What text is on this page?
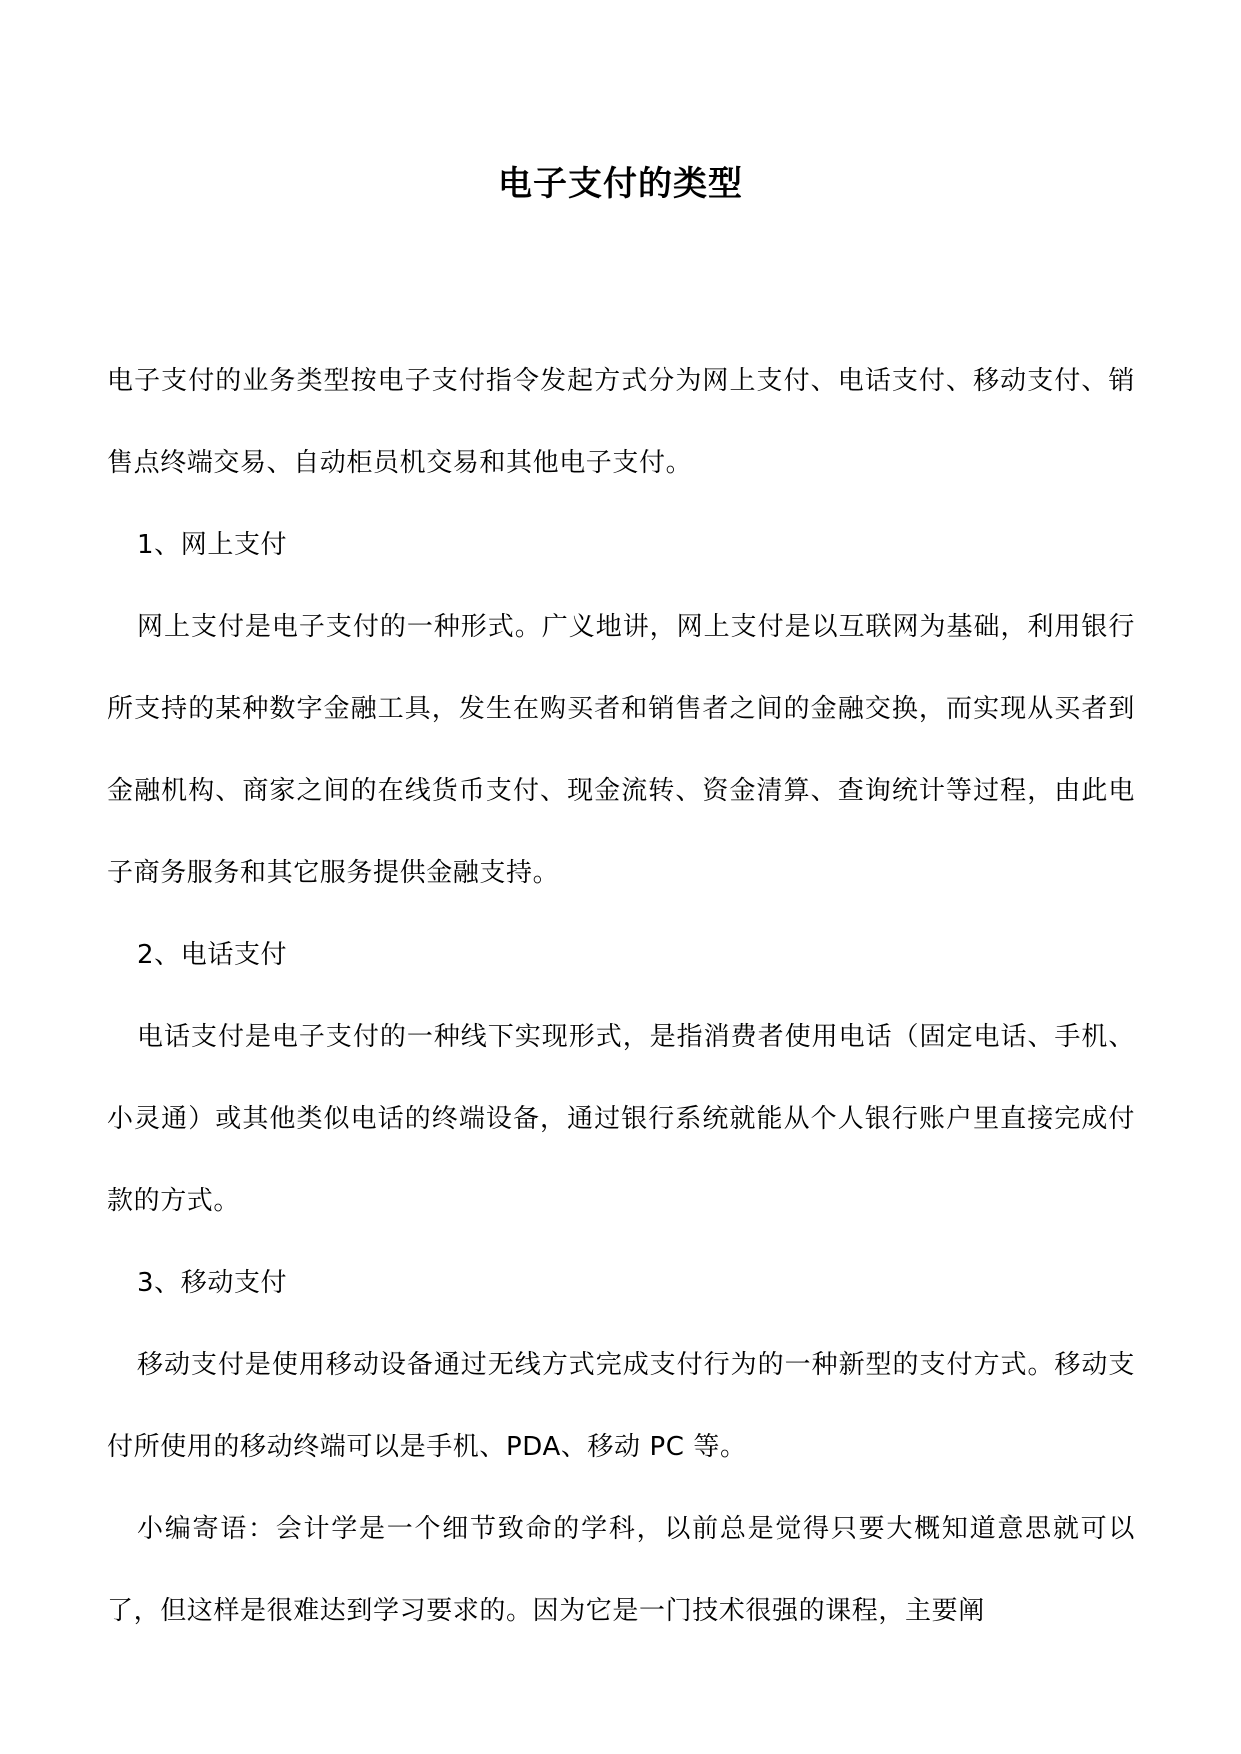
电子支付的类型

电子支付的业务类型按电子支付指令发起方式分为网上支付、电话支付、移动支付、销售点终端交易、自动柜员机交易和其他电子支付。

1、网上支付

网上支付是电子支付的一种形式。广义地讲，网上支付是以互联网为基础，利用银行所支持的某种数字金融工具，发生在购买者和销售者之间的金融交换，而实现从买者到金融机构、商家之间的在线货币支付、现金流转、资金清算、查询统计等过程，由此电子商务服务和其它服务提供金融支持。

2、电话支付

电话支付是电子支付的一种线下实现形式，是指消费者使用电话（固定电话、手机、小灵通）或其他类似电话的终端设备，通过银行系统就能从个人银行账户里直接完成付款的方式。

3、移动支付

移动支付是使用移动设备通过无线方式完成支付行为的一种新型的支付方式。移动支付所使用的移动终端可以是手机、PDA、移动 PC 等。

小编寄语：会计学是一个细节致命的学科，以前总是觉得只要大概知道意思就可以了，但这样是很难达到学习要求的。因为它是一门技术很强的课程，主要阐
